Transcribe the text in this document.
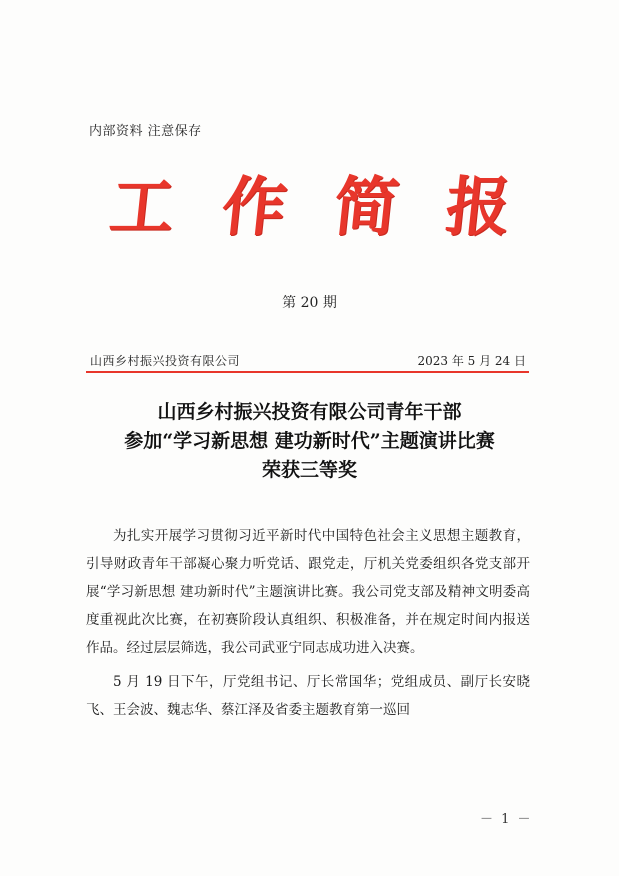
内部资料 注意保存
工 作 简 报
第 20 期
山西乡村振兴投资有限公司	2023 年 5 月 24 日
山西乡村振兴投资有限公司青年干部
参加“学习新思想 建功新时代”主题演讲比赛
荣获三等奖

为扎实开展学习贯彻习近平新时代中国特色社会主义思想主题教育，引导财政青年干部凝心聚力听党话、跟党走，厅机关党委组织各党支部开展“学习新思想 建功新时代”主题演讲比赛。我公司党支部及精神文明委高度重视此次比赛，在初赛阶段认真组织、积极准备，并在规定时间内报送作品。经过层层筛选，我公司武亚宁同志成功进入决赛。

5 月 19 日下午，厅党组书记、厅长常国华；党组成员、副厅长安晓飞、王会波、魏志华、蔡江泽及省委主题教育第一巡回

－ 1 －
